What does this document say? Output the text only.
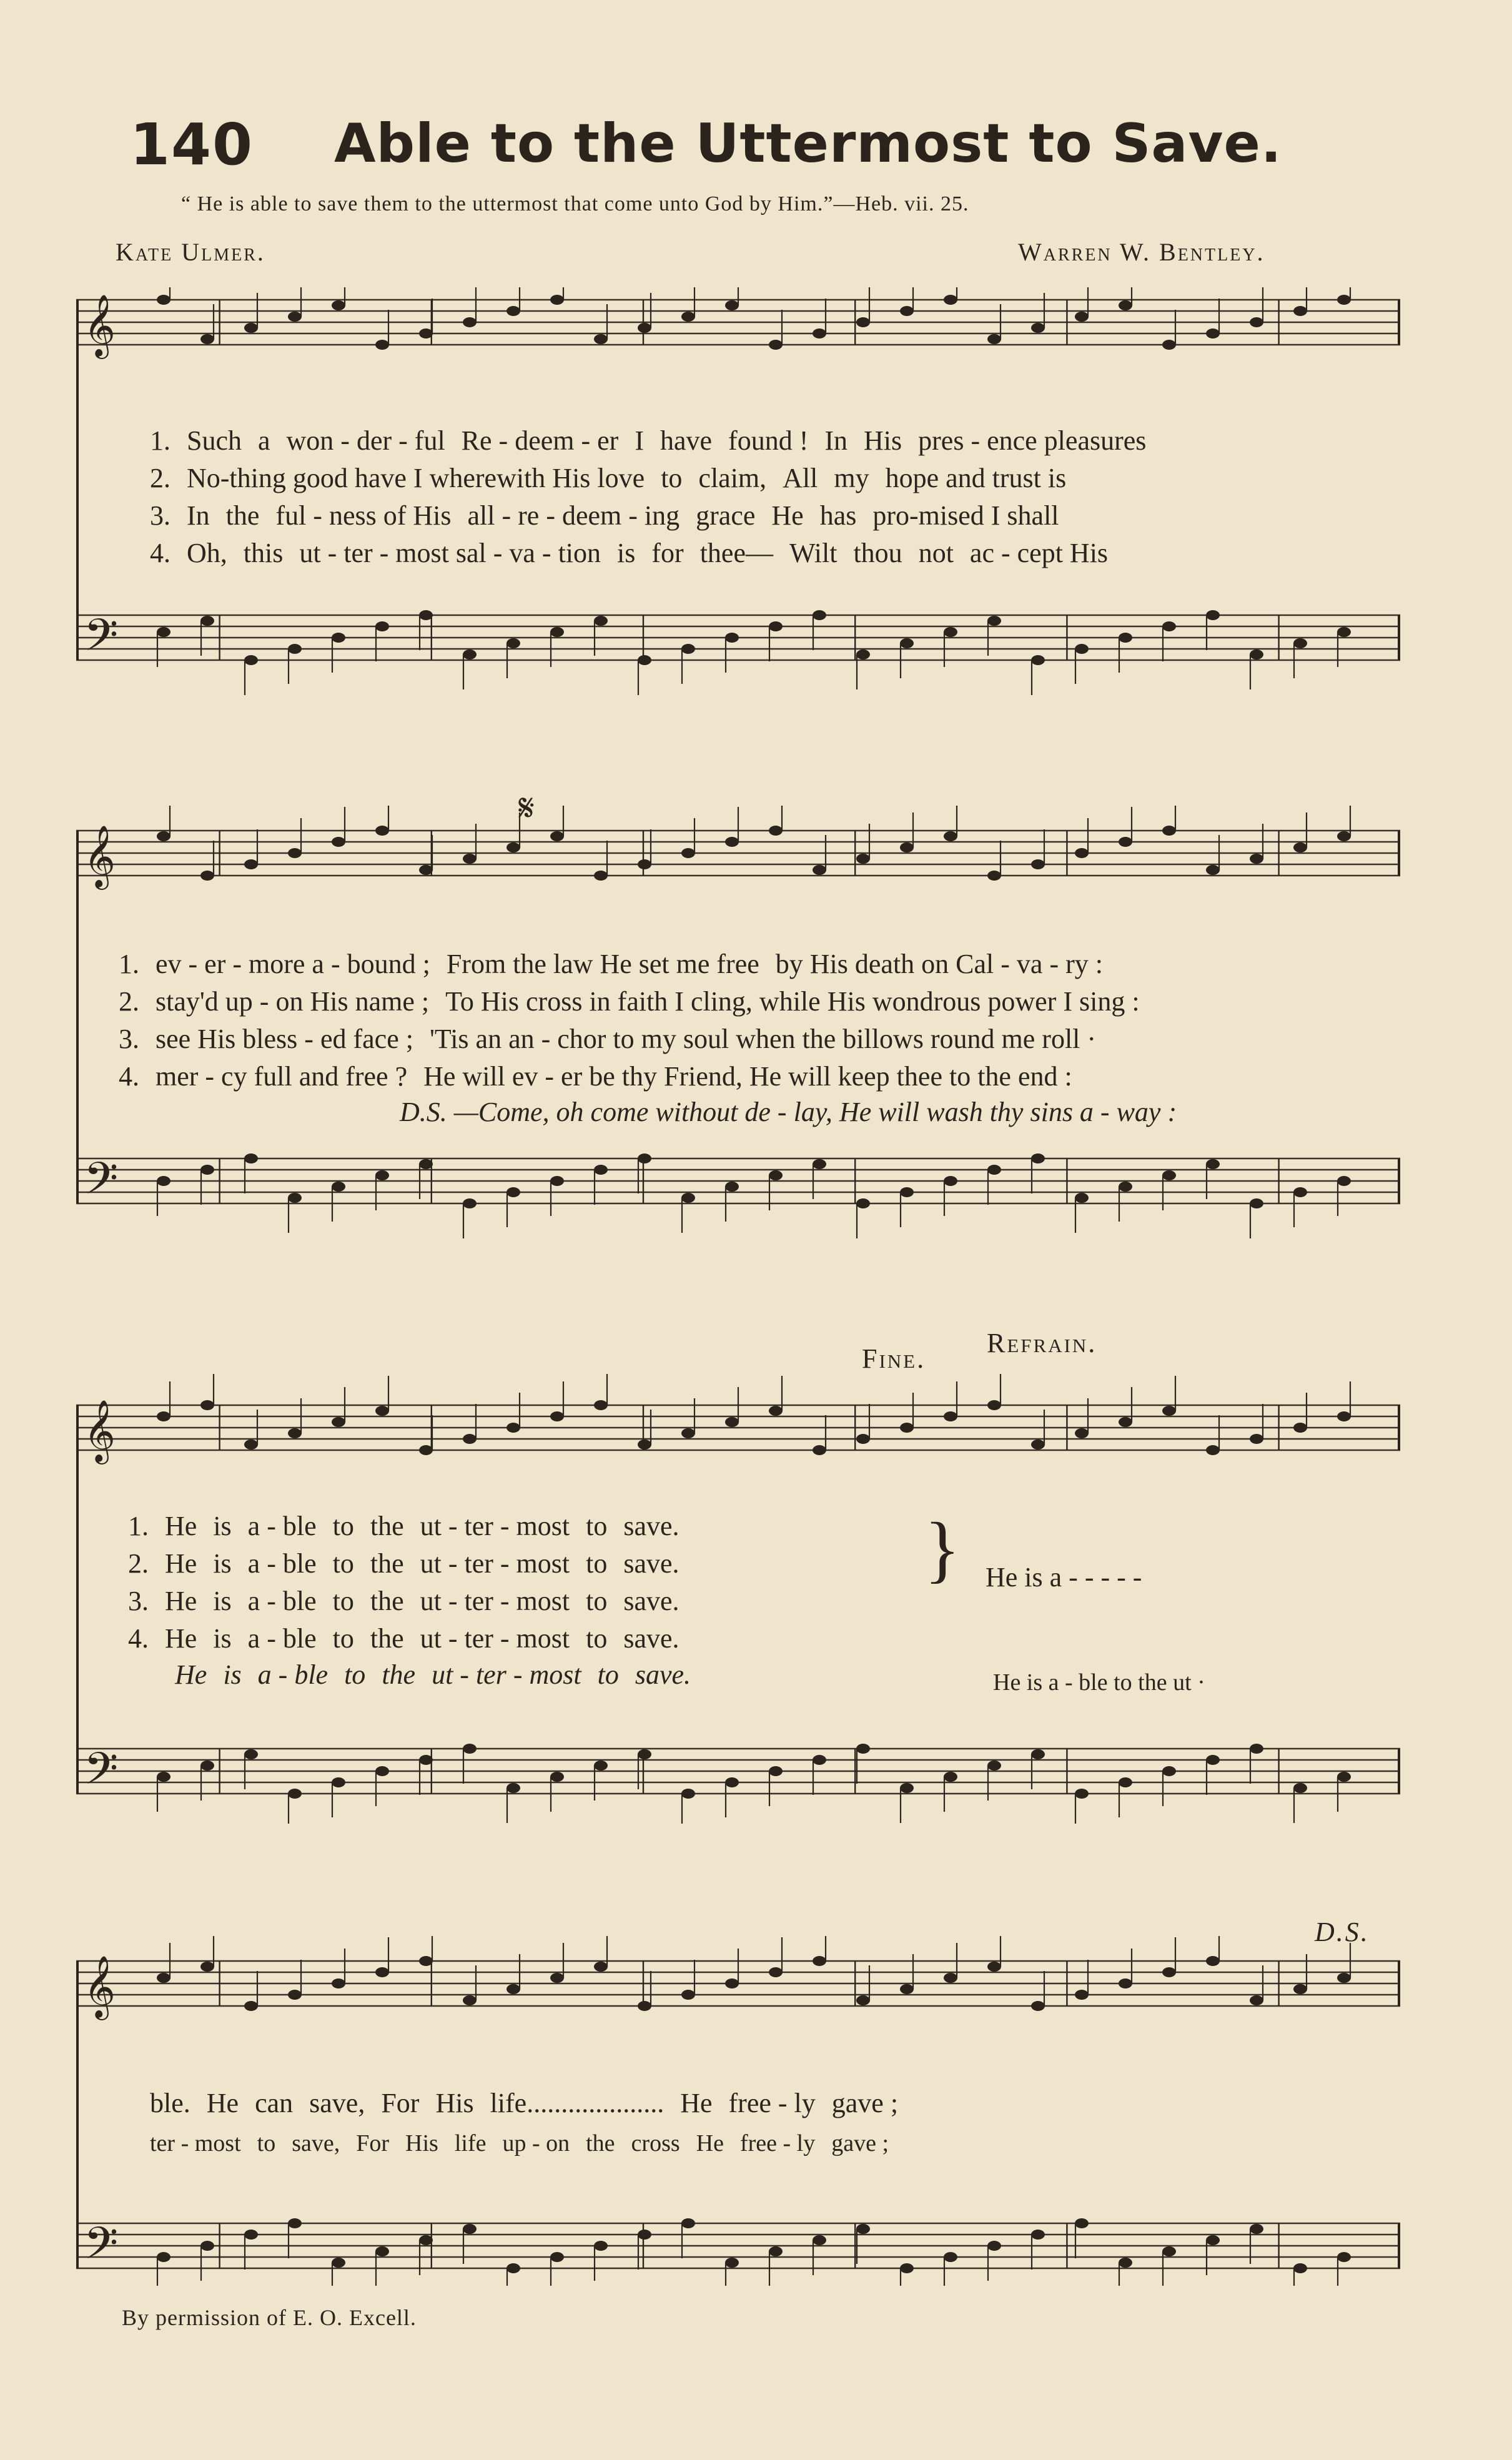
140 Able to the Uttermost to Save.
“ He is able to save them to the uttermost that come unto God by Him.”—Heb. vii. 25.
Kate Ulmer.	Warren W. Bentley.
𝄞
𝄢
𝄞
𝄢
𝄞
𝄢
𝄞
𝄢
1. Such a won - der - ful Re - deem - er I have found ! In His pres - ence pleasures
2. No-thing good have I wherewith His love to claim, All my hope and trust is
3. In the ful - ness of His all - re - deem - ing grace He has pro-mised I shall
4. Oh, this ut - ter - most sal - va - tion is for thee— Wilt thou not ac - cept His
𝄋
1. ev - er - more a - bound ; From the law He set me free by His death on Cal - va - ry :
2. stay'd up - on His name ; To His cross in faith I cling, while His wondrous power I sing :
3. see His bless - ed face ; 'Tis an an - chor to my soul when the billows round me roll ·
4. mer - cy full and free ? He will ev - er be thy Friend, He will keep thee to the end :
D.S. —Come, oh come without de - lay, He will wash thy sins a - way :
Fine.
Refrain.
1. He is a - ble to the ut - ter - most to save.
2. He is a - ble to the ut - ter - most to save.
3. He is a - ble to the ut - ter - most to save.
4. He is a - ble to the ut - ter - most to save.
He is a - ble to the ut - ter - most to save.
} He is a - - - - -
He is a - ble to the ut ·
D.S.
ble. He can save, For His life.................... He free - ly gave ;
ter - most to save, For His life up - on the cross He free - ly gave ;
By permission of E. O. Excell.
